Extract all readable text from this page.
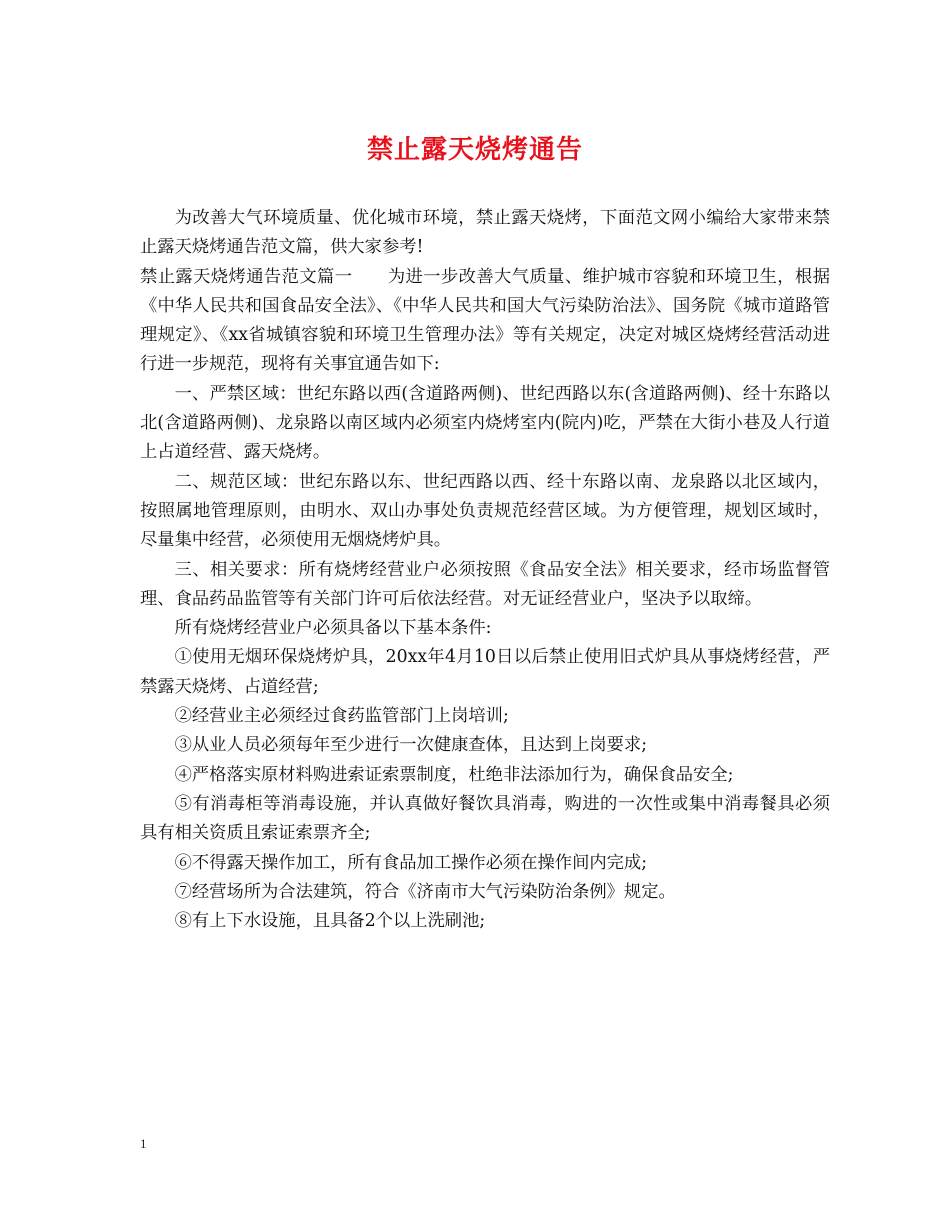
禁止露天烧烤通告

为改善大气环境质量、优化城市环境，禁止露天烧烤，下面范文网小编给大家带来禁止露天烧烤通告范文篇，供大家参考!

禁止露天烧烤通告范文篇一　　为进一步改善大气质量、维护城市容貌和环境卫生，根据《中华人民共和国食品安全法》、《中华人民共和国大气污染防治法》、国务院《城市道路管理规定》、《xx省城镇容貌和环境卫生管理办法》等有关规定，决定对城区烧烤经营活动进行进一步规范，现将有关事宜通告如下:

一、严禁区域：世纪东路以西(含道路两侧)、世纪西路以东(含道路两侧)、经十东路以北(含道路两侧)、龙泉路以南区域内必须室内烧烤室内(院内)吃，严禁在大街小巷及人行道上占道经营、露天烧烤。

二、规范区域：世纪东路以东、世纪西路以西、经十东路以南、龙泉路以北区域内，按照属地管理原则，由明水、双山办事处负责规范经营区域。为方便管理，规划区域时，尽量集中经营，必须使用无烟烧烤炉具。

三、相关要求：所有烧烤经营业户必须按照《食品安全法》相关要求，经市场监督管理、食品药品监管等有关部门许可后依法经营。对无证经营业户，坚决予以取缔。

所有烧烤经营业户必须具备以下基本条件:

①使用无烟环保烧烤炉具，20xx年4月10日以后禁止使用旧式炉具从事烧烤经营，严禁露天烧烤、占道经营;

②经营业主必须经过食药监管部门上岗培训;

③从业人员必须每年至少进行一次健康查体，且达到上岗要求;

④严格落实原材料购进索证索票制度，杜绝非法添加行为，确保食品安全;

⑤有消毒柜等消毒设施，并认真做好餐饮具消毒，购进的一次性或集中消毒餐具必须具有相关资质且索证索票齐全;

⑥不得露天操作加工，所有食品加工操作必须在操作间内完成;

⑦经营场所为合法建筑，符合《济南市大气污染防治条例》规定。

⑧有上下水设施，且具备2个以上洗刷池;

1
